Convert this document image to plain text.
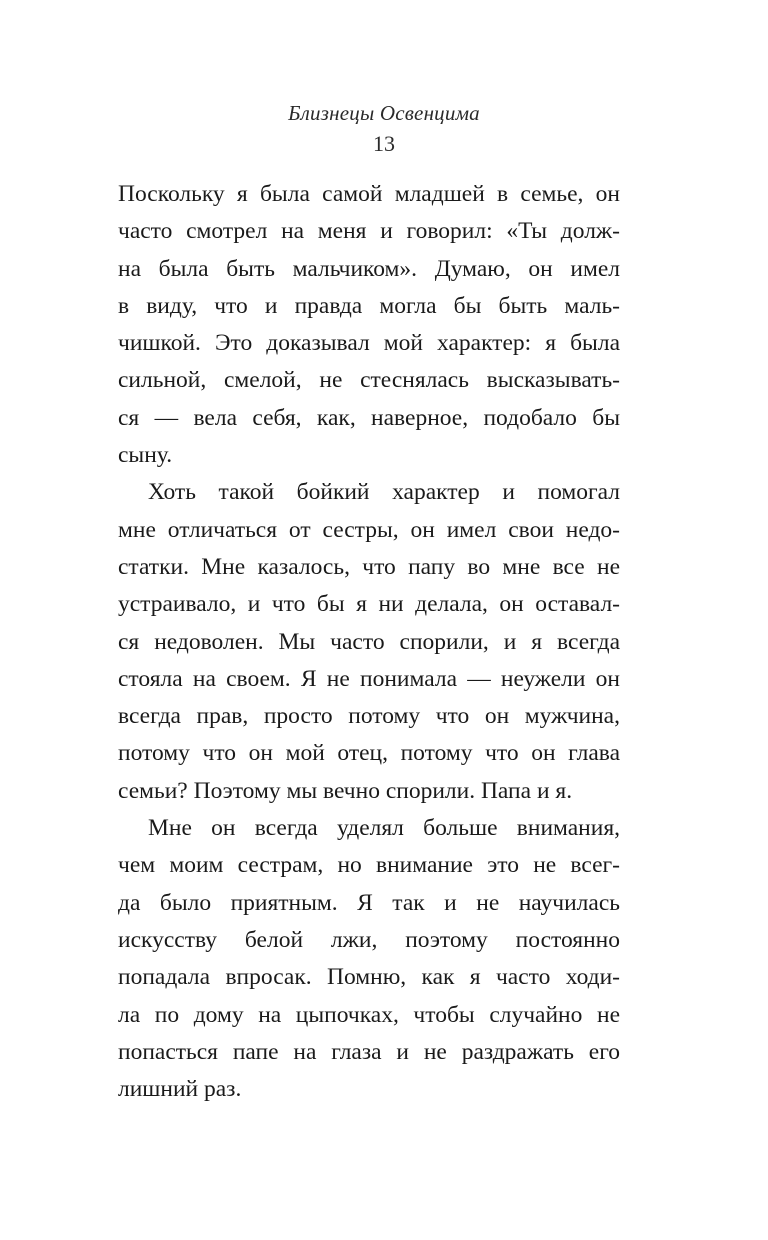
Близнецы Освенцима
13
Поскольку я была самой младшей в семье, он
часто смотрел на меня и говорил: «Ты долж-
на была быть мальчиком». Думаю, он имел
в виду, что и правда могла бы быть маль-
чишкой. Это доказывал мой характер: я была
сильной, смелой, не стеснялась высказывать-
ся — вела себя, как, наверное, подобало бы
сыну.
Хоть такой бойкий характер и помогал
мне отличаться от сестры, он имел свои недо-
статки. Мне казалось, что папу во мне все не
устраивало, и что бы я ни делала, он оставал-
ся недоволен. Мы часто спорили, и я всегда
стояла на своем. Я не понимала — неужели он
всегда прав, просто потому что он мужчина,
потому что он мой отец, потому что он глава
семьи? Поэтому мы вечно спорили. Папа и я.
Мне он всегда уделял больше внимания,
чем моим сестрам, но внимание это не всег-
да было приятным. Я так и не научилась
искусству белой лжи, поэтому постоянно
попадала впросак. Помню, как я часто ходи-
ла по дому на цыпочках, чтобы случайно не
попасться папе на глаза и не раздражать его
лишний раз.
